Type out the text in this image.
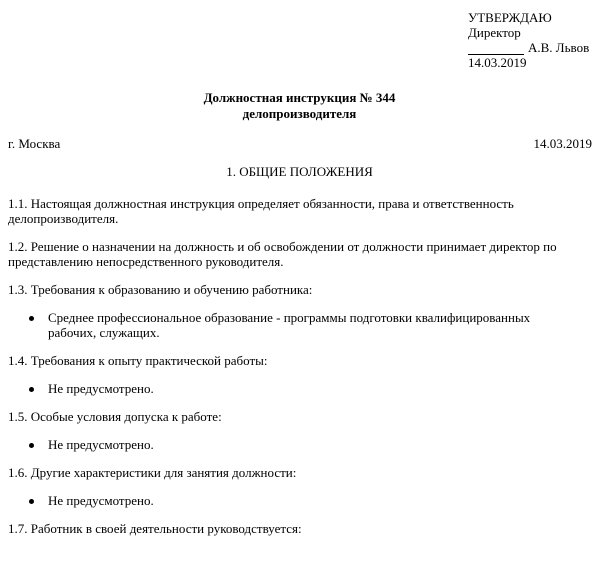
УТВЕРЖДАЮ
Директор
А.В. Львов
14.03.2019
Должностная инструкция № 344
делопроизводителя
г. Москва	14.03.2019
1. ОБЩИЕ ПОЛОЖЕНИЯ

1.1. Настоящая должностная инструкция определяет обязанности, права и ответственность
делопроизводителя.

1.2. Решение о назначении на должность и об освобождении от должности принимает директор по
представлению непосредственного руководителя.

1.3. Требования к образованию и обучению работника:

Среднее профессиональное образование - программы подготовки квалифицированных
рабочих, служащих.

1.4. Требования к опыту практической работы:

Не предусмотрено.

1.5. Особые условия допуска к работе:

Не предусмотрено.

1.6. Другие характеристики для занятия должности:

Не предусмотрено.

1.7. Работник в своей деятельности руководствуется:
